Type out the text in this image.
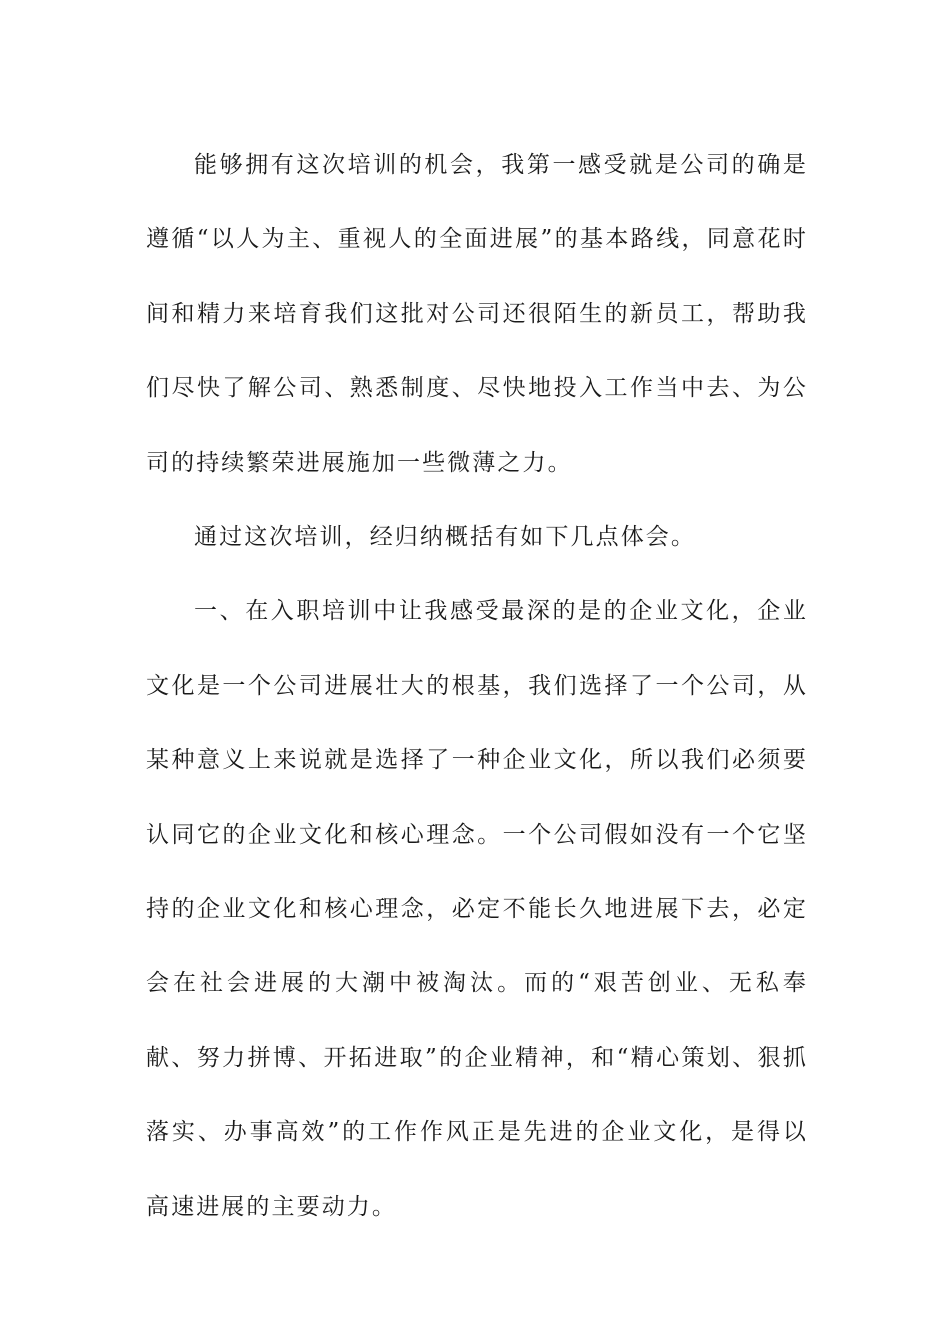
能够拥有这次培训的机会，我第一感受就是公司的确是遵循“以人为主、重视人的全面进展”的基本路线，同意花时间和精力来培育我们这批对公司还很陌生的新员工，帮助我们尽快了解公司、熟悉制度、尽快地投入工作当中去、为公司的持续繁荣进展施加一些微薄之力。

通过这次培训，经归纳概括有如下几点体会。

一、在入职培训中让我感受最深的是的企业文化，企业文化是一个公司进展壮大的根基，我们选择了一个公司，从某种意义上来说就是选择了一种企业文化，所以我们必须要认同它的企业文化和核心理念。一个公司假如没有一个它坚持的企业文化和核心理念，必定不能长久地进展下去，必定会在社会进展的大潮中被淘汰。而的“艰苦创业、无私奉献、努力拼博、开拓进取”的企业精神，和“精心策划、狠抓落实、办事高效”的工作作风正是先进的企业文化，是得以高速进展的主要动力。
